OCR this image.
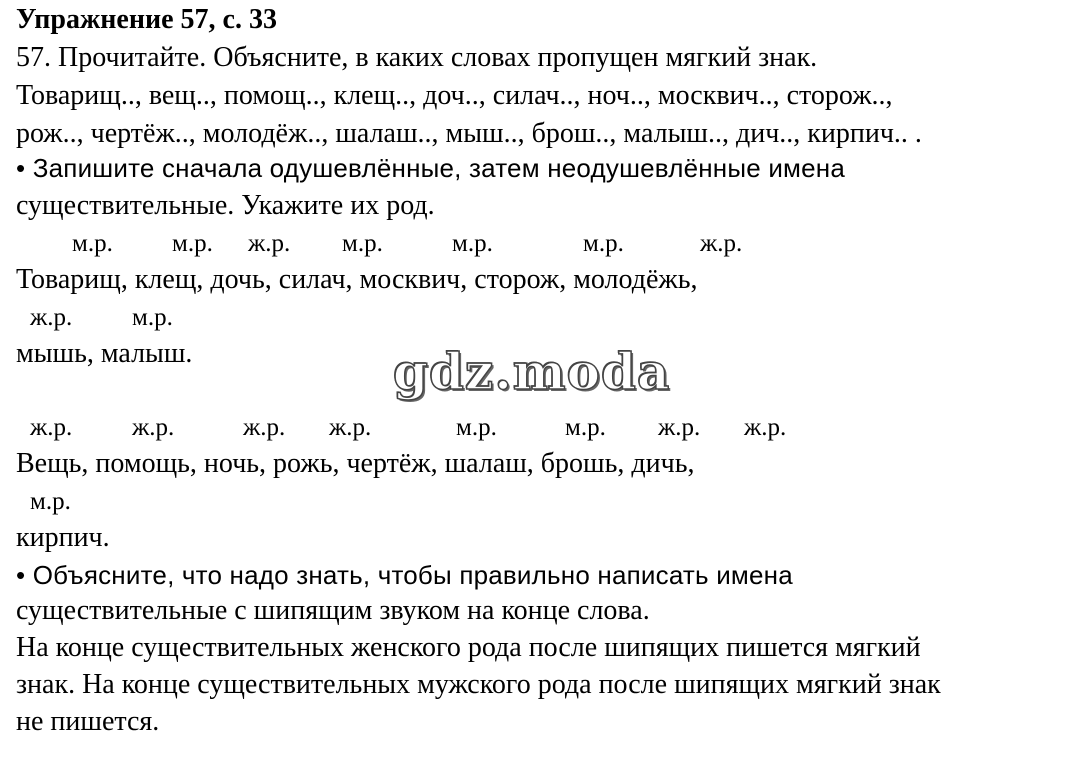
Упражнение 57, с. 33
57. Прочитайте. Объясните, в каких словах пропущен мягкий знак.
Товарищ.., вещ.., помощ.., клещ.., доч.., силач.., ноч.., москвич.., сторож..,
рож.., чертёж.., молодёж.., шалаш.., мыш.., брош.., малыш.., дич.., кирпич.. .
• Запишите сначала одушевлённые, затем неодушевлённые имена
существительные. Укажите их род.
м.р. м.р. ж.р. м.р.	м.р.	м.р.	ж.р.
Товарищ, клещ, дочь, силач, москвич, сторож, молодёжь,
ж.р. м.р.
мышь, малыш.	gdz.moda
ж.р. ж.р.	ж.р. ж.р.	м.р.	м.р. ж.р. ж.р.
Вещь, помощь, ночь, рожь, чертёж, шалаш, брошь, дичь,
м.р.
кирпич.
• Объясните, что надо знать, чтобы правильно написать имена
существительные с шипящим звуком на конце слова.
На конце существительных женского рода после шипящих пишется мягкий
знак. На конце существительных мужского рода после шипящих мягкий знак
не пишется.
